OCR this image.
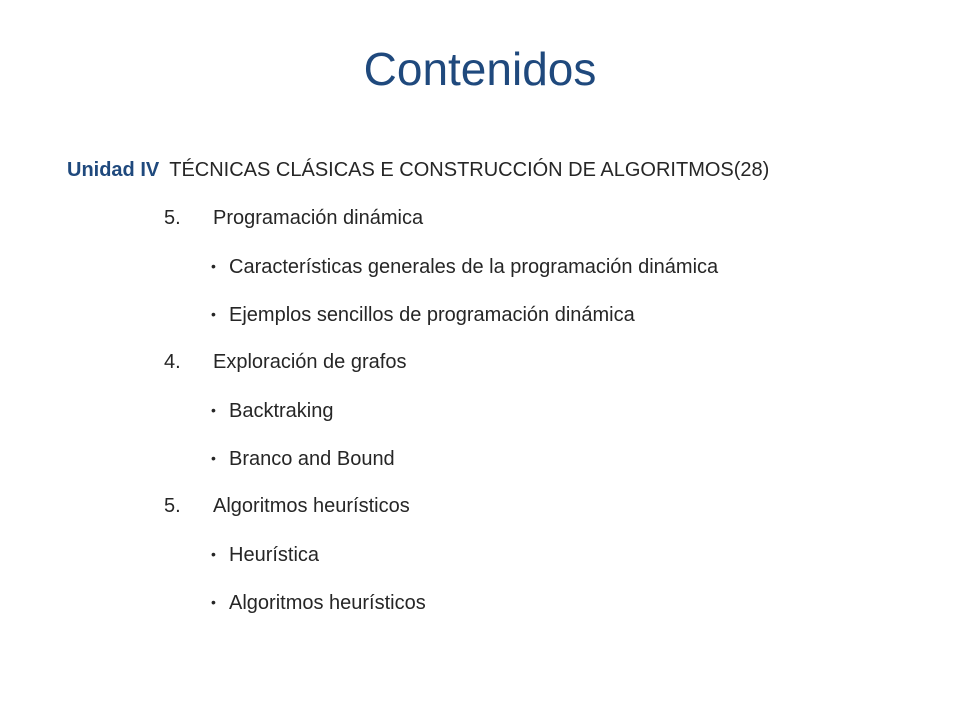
Contenidos
Unidad IV TÉCNICAS CLÁSICAS E CONSTRUCCIÓN DE ALGORITMOS(28)
5. Programación dinámica
• Características generales de la programación dinámica
• Ejemplos sencillos de programación dinámica
4. Exploración de grafos
• Backtraking
• Branco and Bound
5. Algoritmos heurísticos
• Heurística
• Algoritmos heurísticos
